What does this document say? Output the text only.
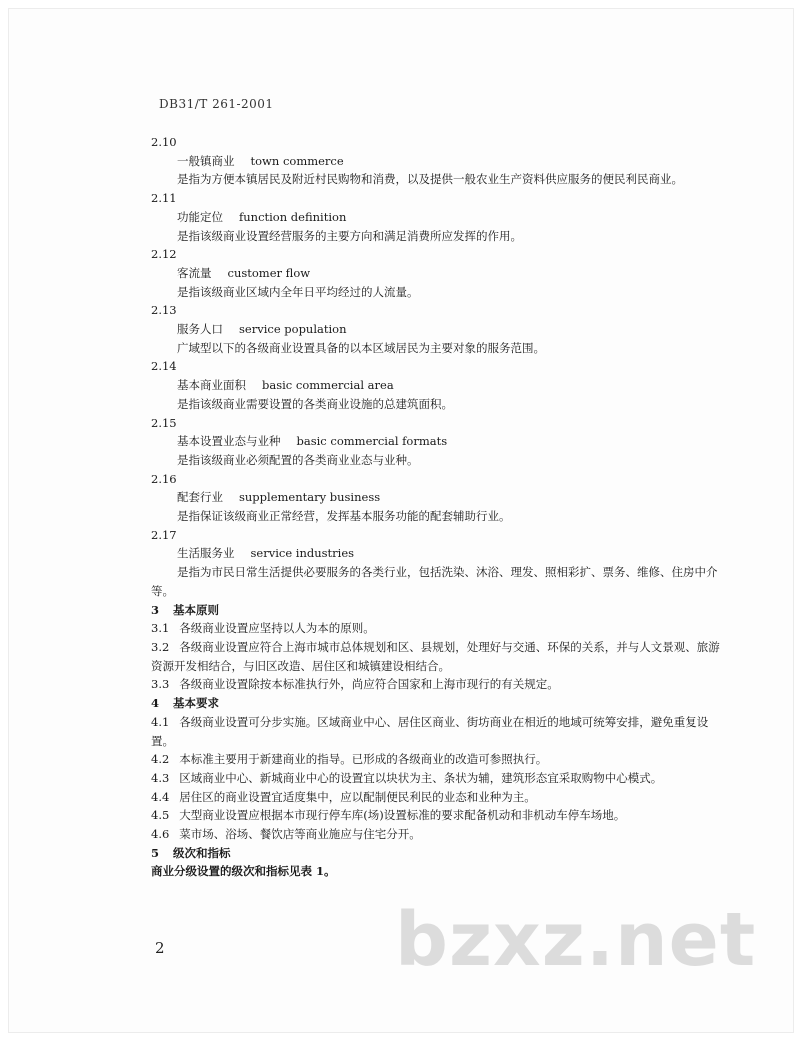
DB31/T 261-2001
2.10
一般镇商业 town commerce
是指为方便本镇居民及附近村民购物和消费，以及提供一般农业生产资料供应服务的便民利民商业。
2.11
功能定位 function definition
是指该级商业设置经营服务的主要方向和满足消费所应发挥的作用。
2.12
客流量 customer flow
是指该级商业区域内全年日平均经过的人流量。
2.13
服务人口 service population
广域型以下的各级商业设置具备的以本区域居民为主要对象的服务范围。
2.14
基本商业面积 basic commercial area
是指该级商业需要设置的各类商业设施的总建筑面积。
2.15
基本设置业态与业种 basic commercial formats
是指该级商业必须配置的各类商业业态与业种。
2.16
配套行业 supplementary business
是指保证该级商业正常经营，发挥基本服务功能的配套辅助行业。
2.17
生活服务业 service industries
是指为市民日常生活提供必要服务的各类行业，包括洗染、沐浴、理发、照相彩扩、票务、维修、住房中介等。
3 基本原则
3.1 各级商业设置应坚持以人为本的原则。
3.2 各级商业设置应符合上海市城市总体规划和区、县规划，处理好与交通、环保的关系，并与人文景观、旅游资源开发相结合，与旧区改造、居住区和城镇建设相结合。
3.3 各级商业设置除按本标准执行外，尚应符合国家和上海市现行的有关规定。
4 基本要求
4.1 各级商业设置可分步实施。区域商业中心、居住区商业、街坊商业在相近的地域可统筹安排，避免重复设置。
4.2 本标准主要用于新建商业的指导。已形成的各级商业的改造可参照执行。
4.3 区域商业中心、新城商业中心的设置宜以块状为主、条状为辅，建筑形态宜采取购物中心模式。
4.4 居住区的商业设置宜适度集中，应以配制便民利民的业态和业种为主。
4.5 大型商业设置应根据本市现行停车库(场)设置标准的要求配备机动和非机动车停车场地。
4.6 菜市场、浴场、餐饮店等商业施应与住宅分开。
5 级次和指标
商业分级设置的级次和指标见表 1。
2	bzxz.net
